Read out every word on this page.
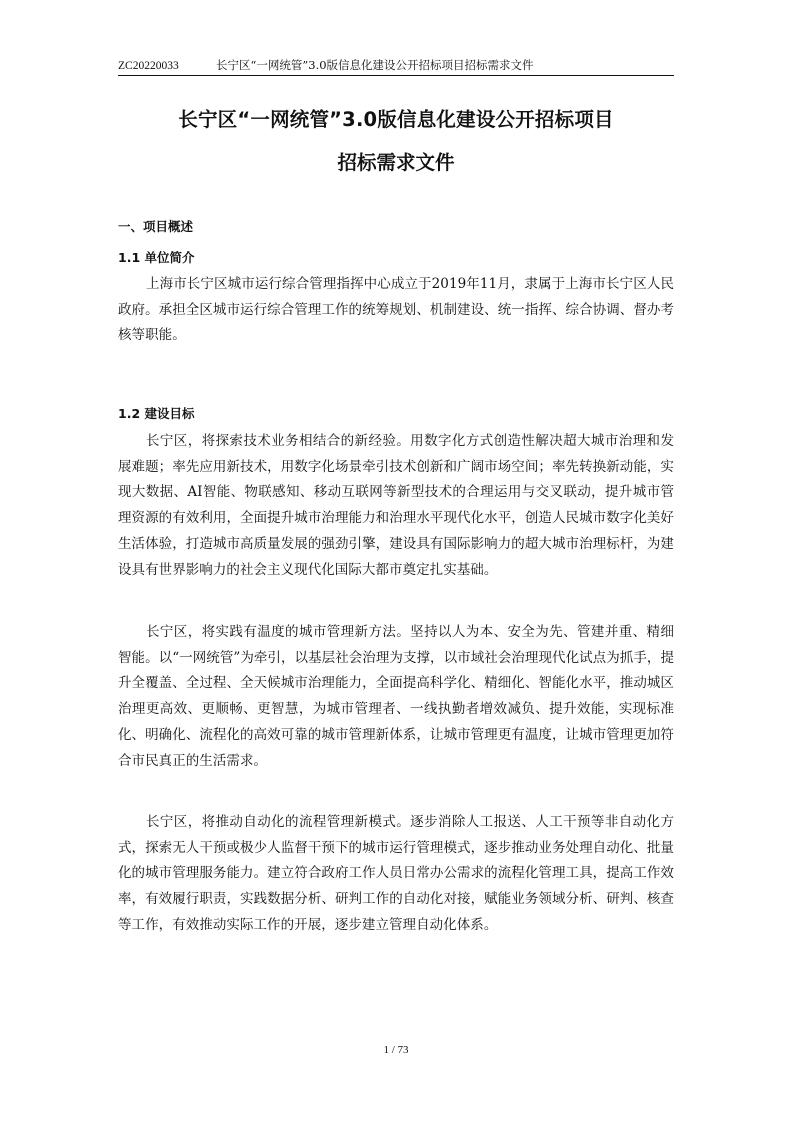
ZC20220033	长宁区“一网统管”3.0版信息化建设公开招标项目招标需求文件
长宁区“一网统管”3.0版信息化建设公开招标项目
招标需求文件
一、项目概述
1.1 单位简介

上海市长宁区城市运行综合管理指挥中心成立于2019年11月，隶属于上海市长宁区人民政府。承担全区城市运行综合管理工作的统筹规划、机制建设、统一指挥、综合协调、督办考核等职能。

1.2 建设目标

长宁区，将探索技术业务相结合的新经验。用数字化方式创造性解决超大城市治理和发展难题；率先应用新技术，用数字化场景牵引技术创新和广阔市场空间；率先转换新动能，实现大数据、AI智能、物联感知、移动互联网等新型技术的合理运用与交叉联动，提升城市管理资源的有效利用，全面提升城市治理能力和治理水平现代化水平，创造人民城市数字化美好生活体验，打造城市高质量发展的强劲引擎，建设具有国际影响力的超大城市治理标杆，为建设具有世界影响力的社会主义现代化国际大都市奠定扎实基础。

长宁区，将实践有温度的城市管理新方法。坚持以人为本、安全为先、管建并重、精细智能。以“一网统管”为牵引，以基层社会治理为支撑，以市域社会治理现代化试点为抓手，提升全覆盖、全过程、全天候城市治理能力，全面提高科学化、精细化、智能化水平，推动城区治理更高效、更顺畅、更智慧，为城市管理者、一线执勤者增效减负、提升效能，实现标准化、明确化、流程化的高效可靠的城市管理新体系，让城市管理更有温度，让城市管理更加符合市民真正的生活需求。

长宁区，将推动自动化的流程管理新模式。逐步消除人工报送、人工干预等非自动化方式，探索无人干预或极少人监督干预下的城市运行管理模式，逐步推动业务处理自动化、批量化的城市管理服务能力。建立符合政府工作人员日常办公需求的流程化管理工具，提高工作效率，有效履行职责，实践数据分析、研判工作的自动化对接，赋能业务领域分析、研判、核查等工作，有效推动实际工作的开展，逐步建立管理自动化体系。

1 / 73
